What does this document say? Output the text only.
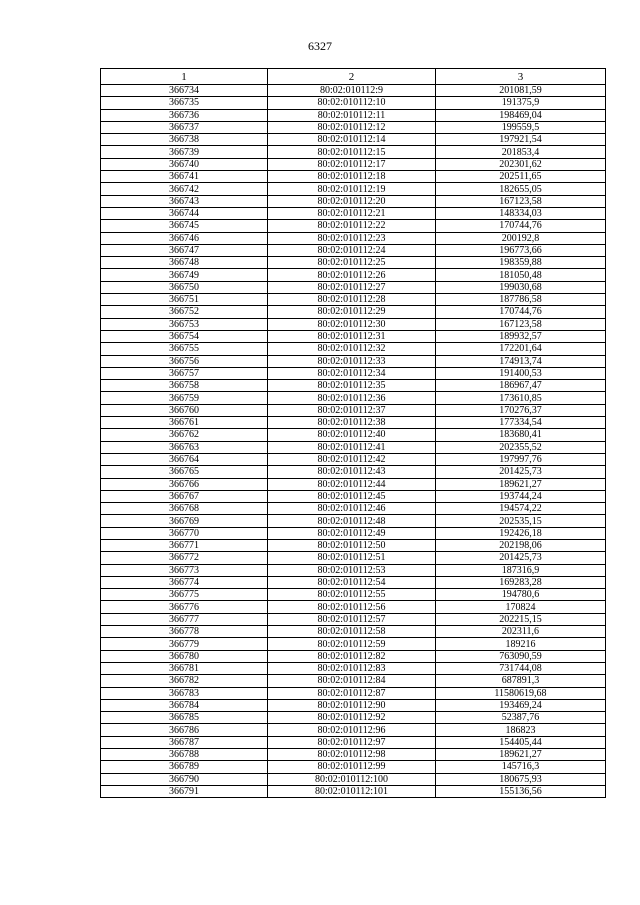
6327
1	2	3
366734	80:02:010112:9	201081,59
366735	80:02:010112:10	191375,9
366736	80:02:010112:11	198469,04
366737	80:02:010112:12	199559,5
366738	80:02:010112:14	197921,54
366739	80:02:010112:15	201853,4
366740	80:02:010112:17	202301,62
366741	80:02:010112:18	202511,65
366742	80:02:010112:19	182655,05
366743	80:02:010112:20	167123,58
366744	80:02:010112:21	148334,03
366745	80:02:010112:22	170744,76
366746	80:02:010112:23	200192,8
366747	80:02:010112:24	196773,66
366748	80:02:010112:25	198359,88
366749	80:02:010112:26	181050,48
366750	80:02:010112:27	199030,68
366751	80:02:010112:28	187786,58
366752	80:02:010112:29	170744,76
366753	80:02:010112:30	167123,58
366754	80:02:010112:31	189932,57
366755	80:02:010112:32	172201,64
366756	80:02:010112:33	174913,74
366757	80:02:010112:34	191400,53
366758	80:02:010112:35	186967,47
366759	80:02:010112:36	173610,85
366760	80:02:010112:37	170276,37
366761	80:02:010112:38	177334,54
366762	80:02:010112:40	183680,41
366763	80:02:010112:41	202355,52
366764	80:02:010112:42	197997,76
366765	80:02:010112:43	201425,73
366766	80:02:010112:44	189621,27
366767	80:02:010112:45	193744,24
366768	80:02:010112:46	194574,22
366769	80:02:010112:48	202535,15
366770	80:02:010112:49	192426,18
366771	80:02:010112:50	202198,06
366772	80:02:010112:51	201425,73
366773	80:02:010112:53	187316,9
366774	80:02:010112:54	169283,28
366775	80:02:010112:55	194780,6
366776	80:02:010112:56	170824
366777	80:02:010112:57	202215,15
366778	80:02:010112:58	202311,6
366779	80:02:010112:59	189216
366780	80:02:010112:82	763090,59
366781	80:02:010112:83	731744,08
366782	80:02:010112:84	687891,3
366783	80:02:010112:87	11580619,68
366784	80:02:010112:90	193469,24
366785	80:02:010112:92	52387,76
366786	80:02:010112:96	186823
366787	80:02:010112:97	154405,44
366788	80:02:010112:98	189621,27
366789	80:02:010112:99	145716,3
366790	80:02:010112:100	180675,93
366791	80:02:010112:101	155136,56
